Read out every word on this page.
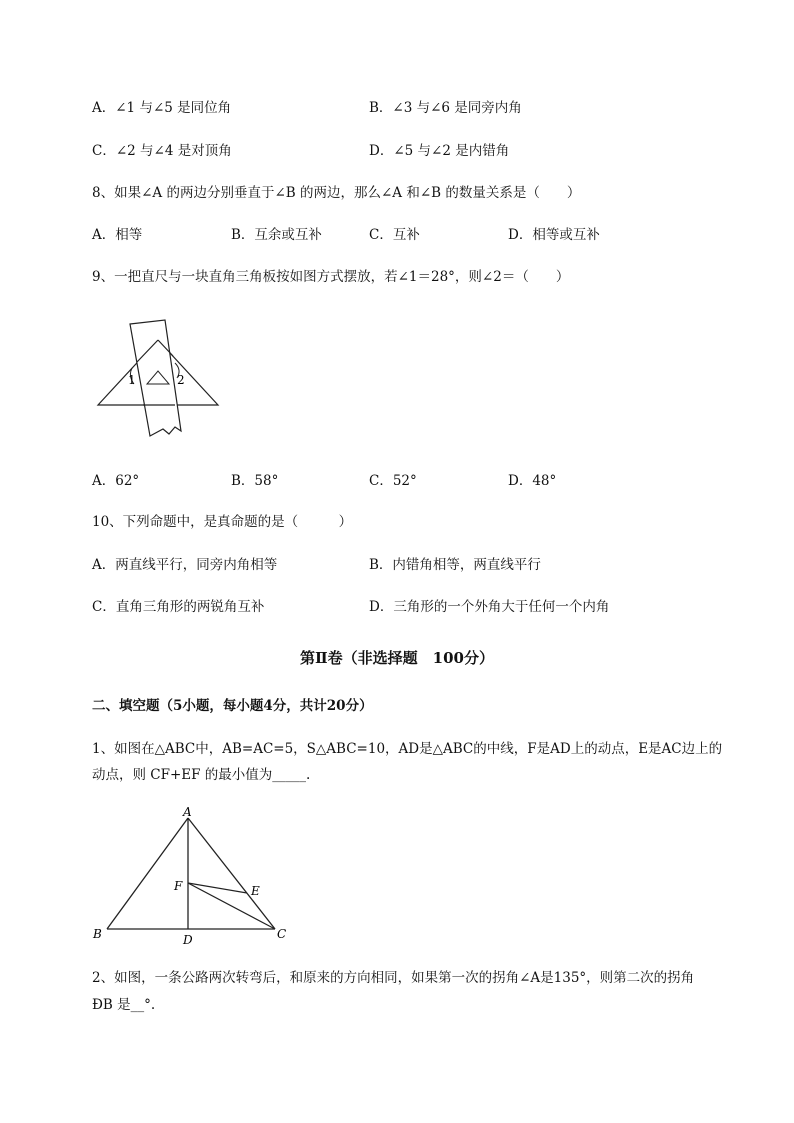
A．∠1 与∠5 是同位角	B．∠3 与∠6 是同旁内角
C．∠2 与∠4 是对顶角	D．∠5 与∠2 是内错角
8、如果∠A 的两边分别垂直于∠B 的两边，那么∠A 和∠B 的数量关系是（　　）
A．相等	B．互余或互补	C．互补	D．相等或互补
9、一把直尺与一块直角三角板按如图方式摆放，若∠1＝28°，则∠2＝（　　）
1	2
A．62°	B．58°	C．52°	D．48°
10、下列命题中，是真命题的是（　　　）
A．两直线平行，同旁内角相等	B．内错角相等，两直线平行
C．直角三角形的两锐角互补	D．三角形的一个外角大于任何一个内角
第Ⅱ卷（非选择题　100分）
二、填空题（5小题，每小题4分，共计20分）
1、如图在△ABC中，AB=AC=5，S△ABC=10，AD是△ABC的中线，F是AD上的动点，E是AC边上的
动点，则 CF+EF 的最小值为_____.
A
B	C
D
E
F
2、如图，一条公路两次转弯后，和原来的方向相同，如果第一次的拐角∠A是135°，则第二次的拐角
ÐB 是__°.
